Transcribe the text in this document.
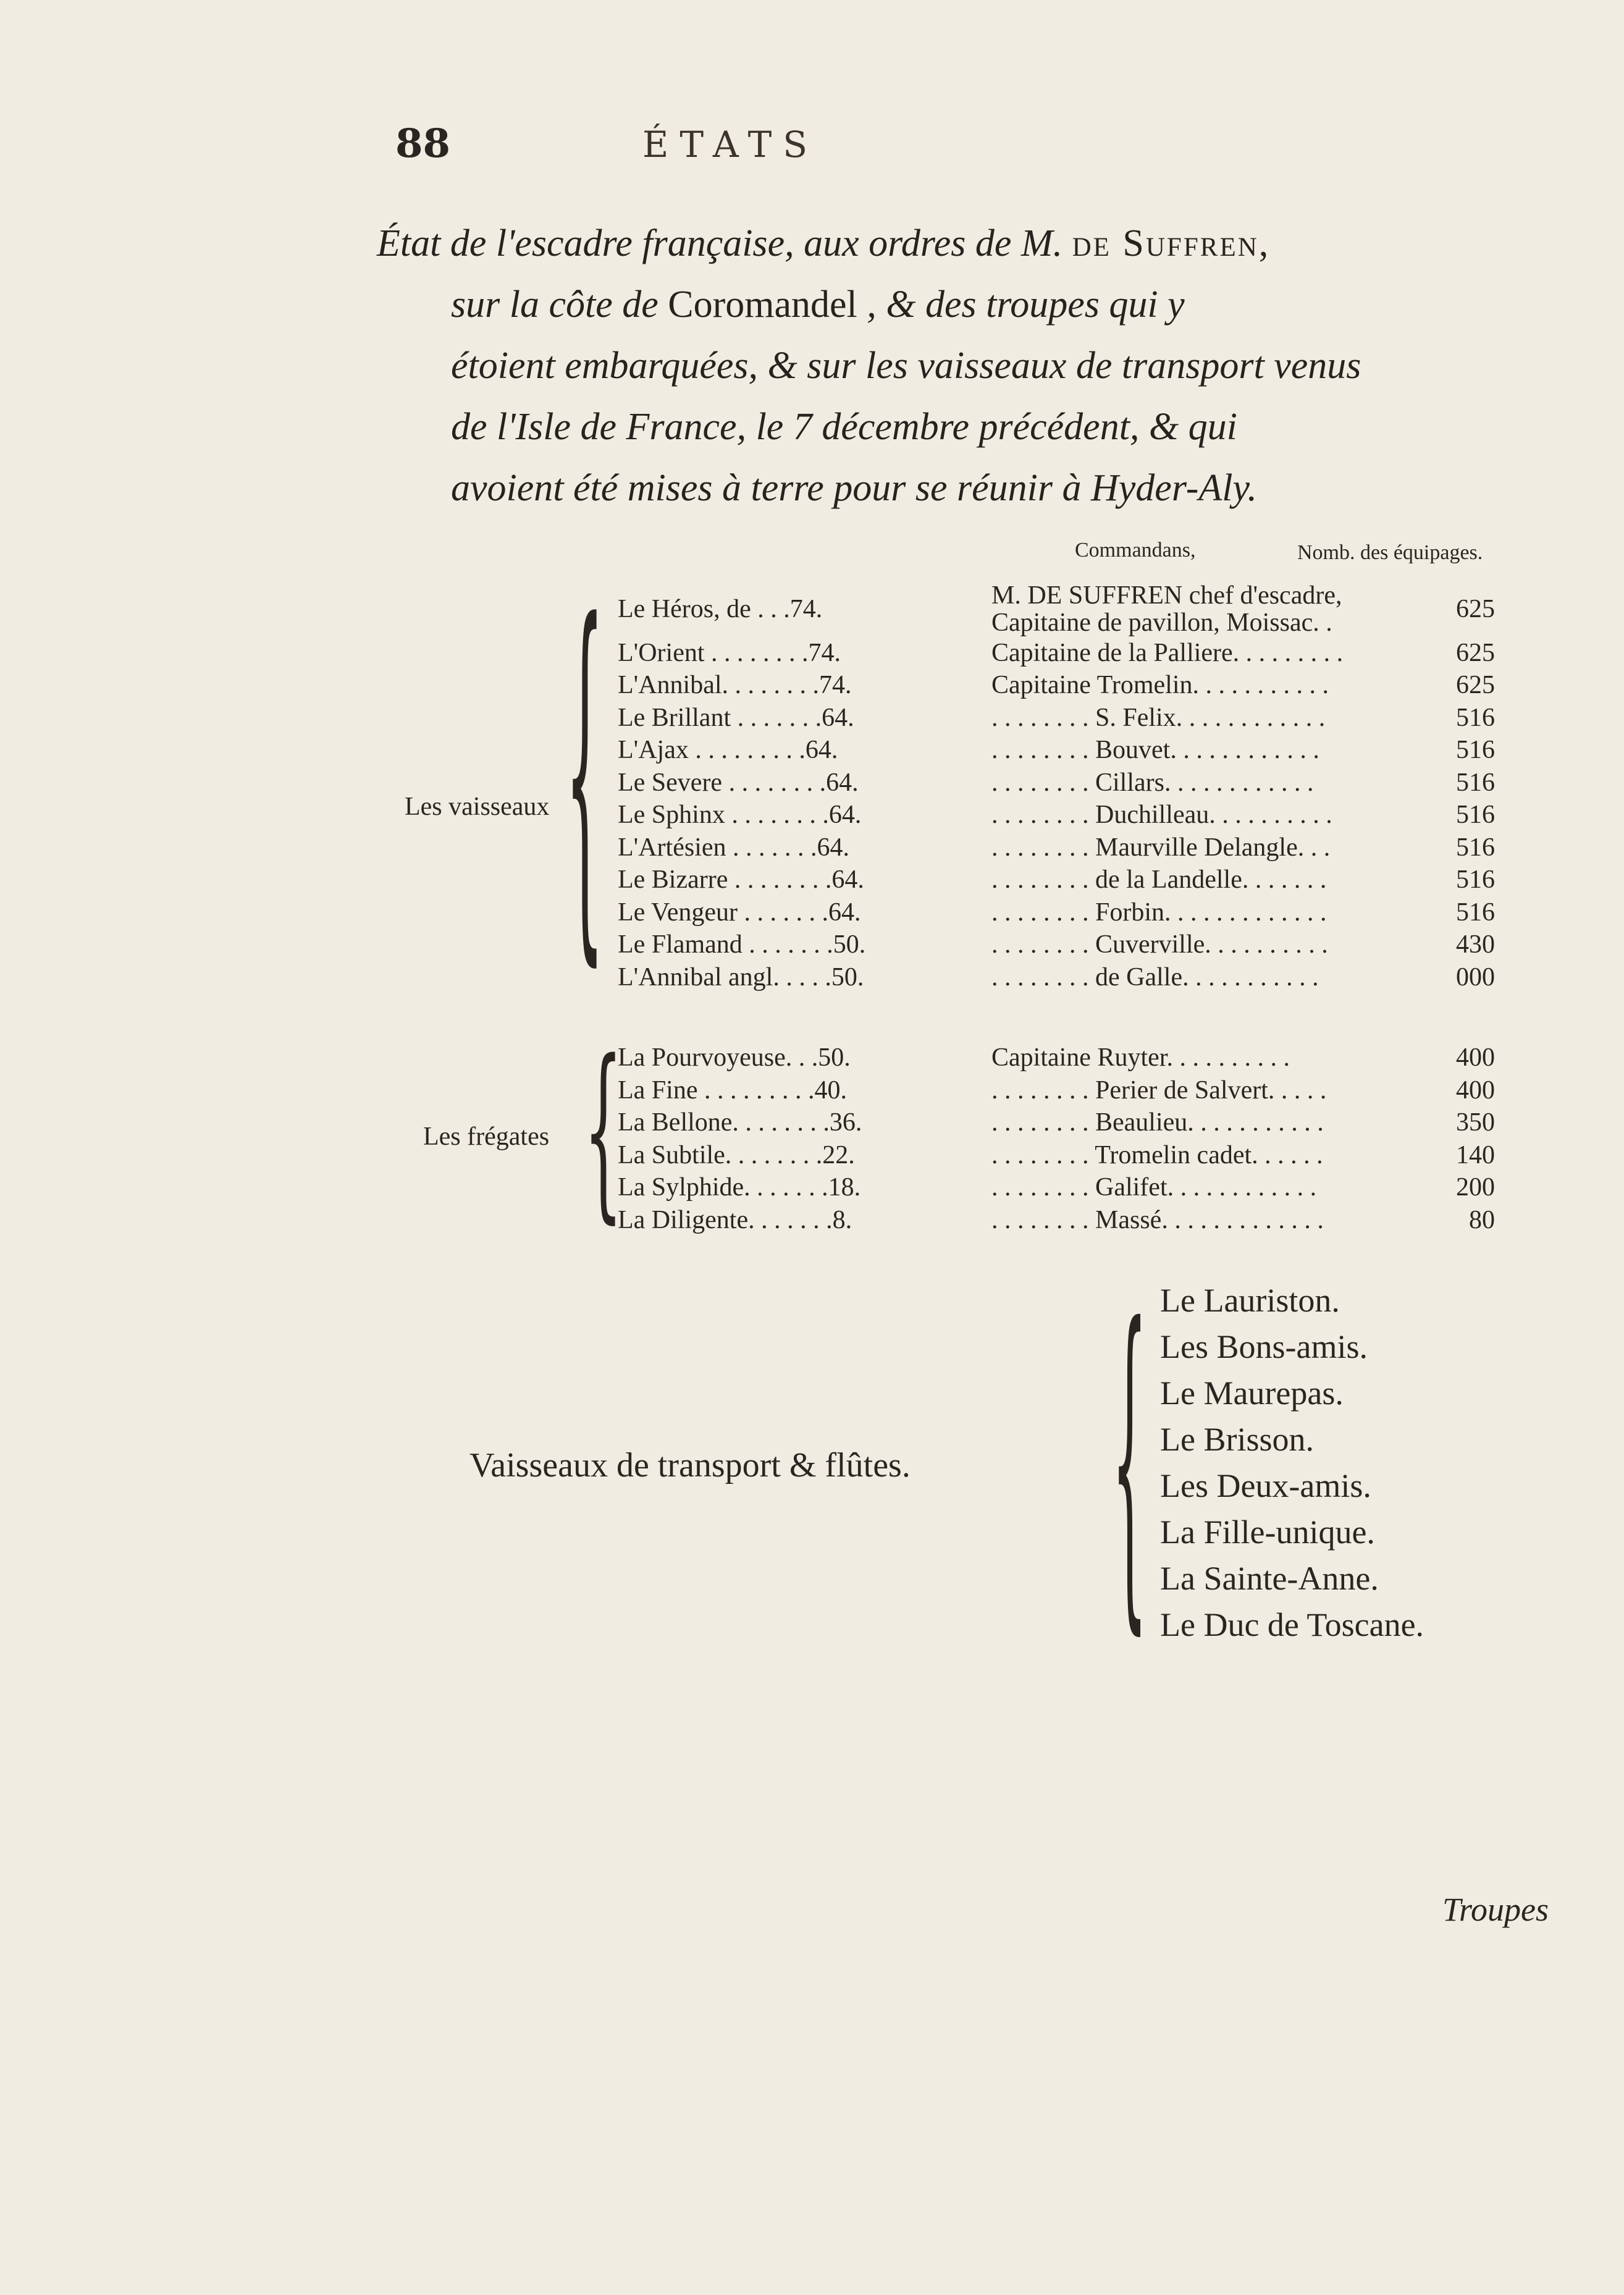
88	ÉTATS
État de l'escadre française, aux ordres de M. de Suffren,
sur la côte de Coromandel , & des troupes qui y
étoient embarquées, & sur les vaisseaux de transport venus
de l'Isle de France, le 7 décembre précédent, & qui
avoient été mises à terre pour se réunir à Hyder-Aly.
Commandans,	Nomb. des équipages.
Les vaisseaux { Le Héros, de . . .74.	M. DE SUFFREN chef d'escadre,	625
Capitaine de pavillon, Moissac. .
L'Orient . . . . . . . .74.	Capitaine de la Palliere. . . . . . . . .	625
L'Annibal. . . . . . . .74.	Capitaine Tromelin. . . . . . . . . . .	625
Le Brillant . . . . . . .64.	. . . . . . . . S. Felix. . . . . . . . . . . .	516
L'Ajax . . . . . . . . .64.	. . . . . . . . Bouvet. . . . . . . . . . . .	516
Le Severe . . . . . . . .64.	. . . . . . . . Cillars. . . . . . . . . . . .	516
Le Sphinx . . . . . . . .64.	. . . . . . . . Duchilleau. . . . . . . . . .	516
L'Artésien . . . . . . .64.	. . . . . . . . Maurville Delangle. . .	516
Le Bizarre . . . . . . . .64.	. . . . . . . . de la Landelle. . . . . . .	516
Le Vengeur . . . . . . .64.	. . . . . . . . Forbin. . . . . . . . . . . . .	516
Le Flamand . . . . . . .50.	. . . . . . . . Cuverville. . . . . . . . . .	430
L'Annibal angl. . . . .50.	. . . . . . . . de Galle. . . . . . . . . . .	000
Les frégates {
La Pourvoyeuse. . .50.	Capitaine Ruyter. . . . . . . . . .	400
La Fine . . . . . . . . .40.	. . . . . . . . Perier de Salvert. . . . .	400
La Bellone. . . . . . . .36.	. . . . . . . . Beaulieu. . . . . . . . . . .	350
La Subtile. . . . . . . .22.	. . . . . . . . Tromelin cadet. . . . . .	140
La Sylphide. . . . . . .18.	. . . . . . . . Galifet. . . . . . . . . . . .	200
La Diligente. . . . . . .8.	. . . . . . . . Massé. . . . . . . . . . . . .	80
Vaisseaux de transport & flûtes.	{ Le Lauriston.
Les Bons-amis.
Le Maurepas.
Le Brisson.
Les Deux-amis.
La Fille-unique.
La Sainte-Anne.
Le Duc de Toscane.
Troupes
